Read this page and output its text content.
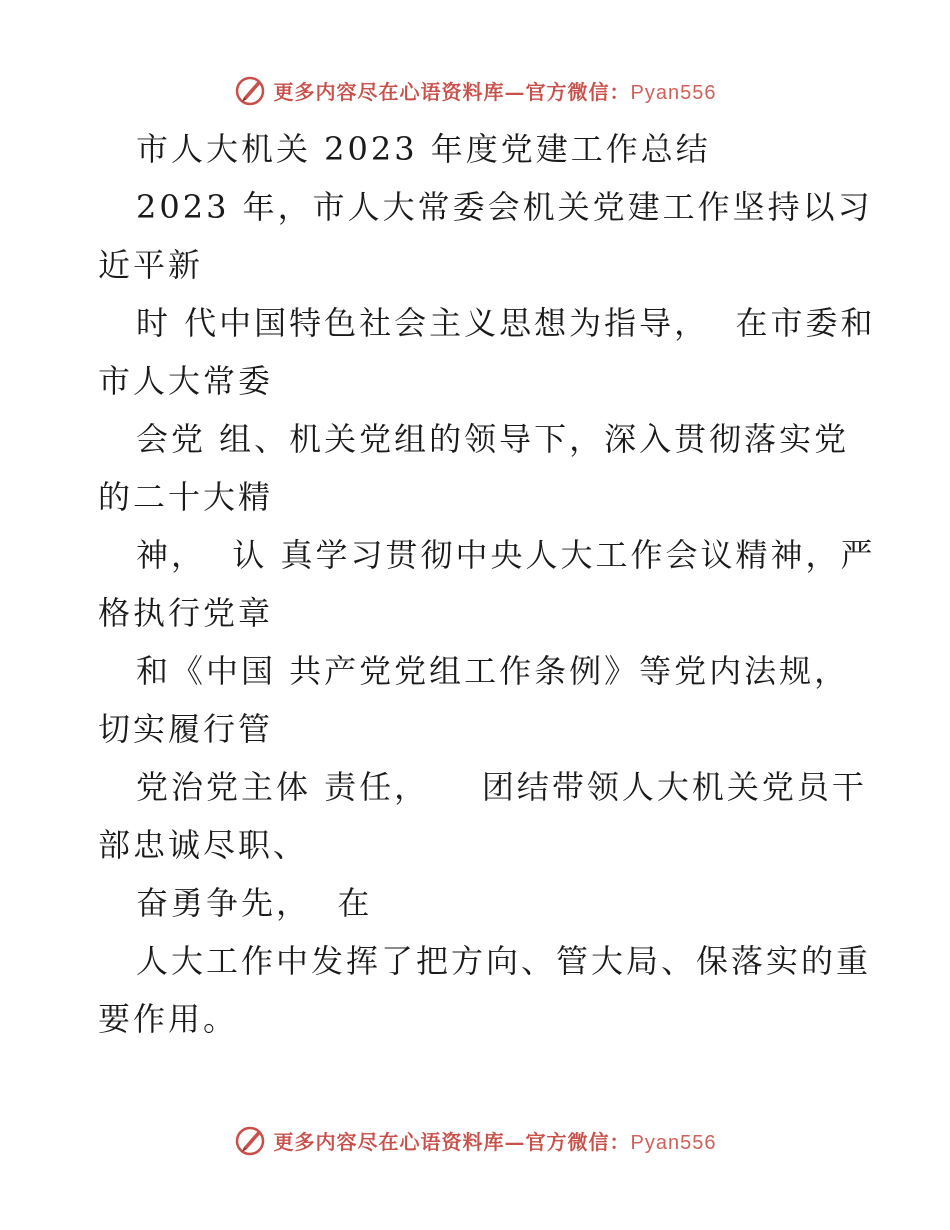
更多内容尽在心语资料库—官方微信：Pyan556
市人大机关 2023 年度党建工作总结
2023 年，市人大常委会机关党建工作坚持以习
近平新
时 代中国特色社会主义思想为指导，  在市委和
市人大常委
会党 组、机关党组的领导下，深入贯彻落实党
的二十大精
神，  认 真学习贯彻中央人大工作会议精神，严
格执行党章
和《中国 共产党党组工作条例》等党内法规，
切实履行管
党治党主体 责任，    团结带领人大机关党员干
部忠诚尽职、
奋勇争先，  在
人大工作中发挥了把方向、管大局、保落实的重
要作用。
更多内容尽在心语资料库—官方微信：Pyan556
